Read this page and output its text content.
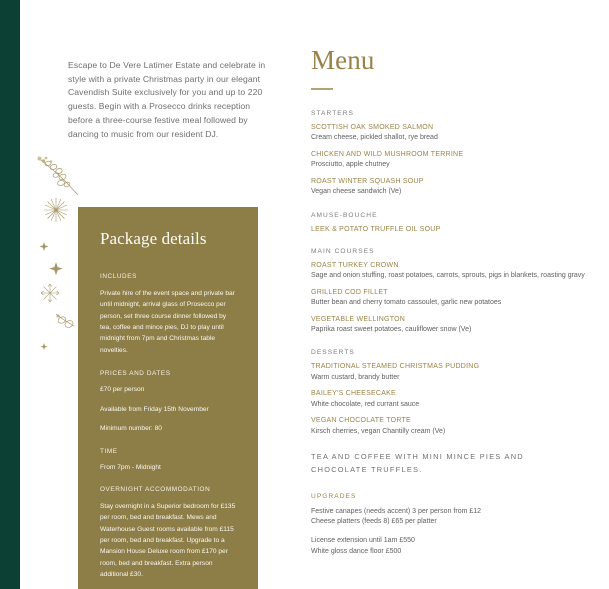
Escape to De Vere Latimer Estate and celebrate in style with a private Christmas party in our elegant Cavendish Suite exclusively for you and up to 220 guests. Begin with a Prosecco drinks reception before a three-course festive meal followed by dancing to music from our resident DJ.

Package details
INCLUDES

Private hire of the event space and private bar until midnight, arrival glass of Prosecco per person, set three course dinner followed by tea, coffee and mince pies, DJ to play until midnight from 7pm and Christmas table novelties.

PRICES AND DATES

£70 per person

Available from Friday 15th November

Minimum number: 80

TIME

From 7pm - Midnight

OVERNIGHT ACCOMMODATION

Stay overnight in a Superior bedroom for £135 per room, bed and breakfast. Mews and Waterhouse Guest rooms available from £115 per room, bed and breakfast. Upgrade to a Mansion House Deluxe room from £170 per room, bed and breakfast. Extra person additional £30.

Menu
STARTERS

SCOTTISH OAK SMOKED SALMON

Cream cheese, pickled shallot, rye bread

CHICKEN AND WILD MUSHROOM TERRINE

Prosciutto, apple chutney

ROAST WINTER SQUASH SOUP

Vegan cheese sandwich (Ve)

AMUSE-BOUCHE

LEEK & POTATO TRUFFLE OIL SOUP

MAIN COURSES

ROAST TURKEY CROWN

Sage and onion stuffing, roast potatoes, carrots, sprouts, pigs in blankets, roasting gravy

GRILLED COD FILLET

Butter bean and cherry tomato cassoulet, garlic new potatoes

VEGETABLE WELLINGTON

Paprika roast sweet potatoes, cauliflower snow (Ve)

DESSERTS

TRADITIONAL STEAMED CHRISTMAS PUDDING

Warm custard, brandy butter

BAILEY'S CHEESECAKE

White chocolate, red currant sauce

VEGAN CHOCOLATE TORTE

Kirsch cherries, vegan Chantilly cream (Ve)

TEA AND COFFEE WITH MINI MINCE PIES AND CHOCOLATE TRUFFLES.

UPGRADES

Festive canapes (needs accent) 3 per person from £12

Cheese platters (feeds 8) £65 per platter

License extension until 1am £550

White gloss dance floor £500
